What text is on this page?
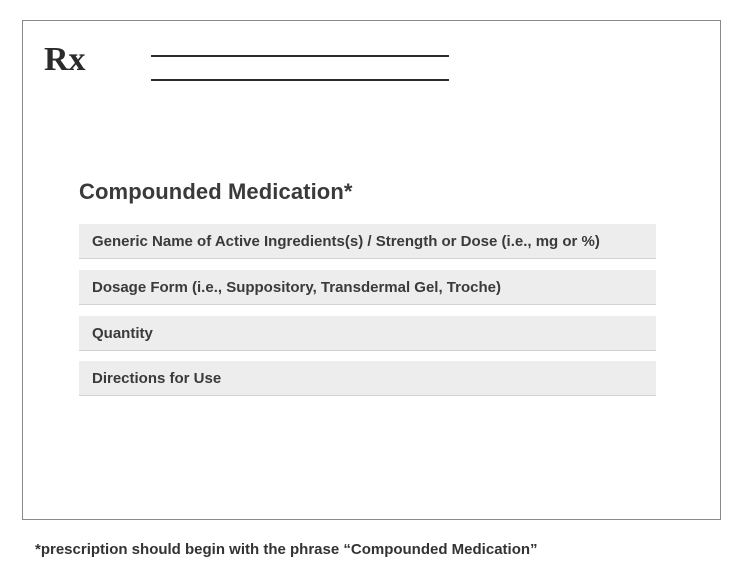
Rx
Compounded Medication*
Generic Name of Active Ingredients(s) / Strength or Dose (i.e., mg or %)
Dosage Form (i.e., Suppository, Transdermal Gel, Troche)
Quantity
Directions for Use
*prescription should begin with the phrase “Compounded Medication”
